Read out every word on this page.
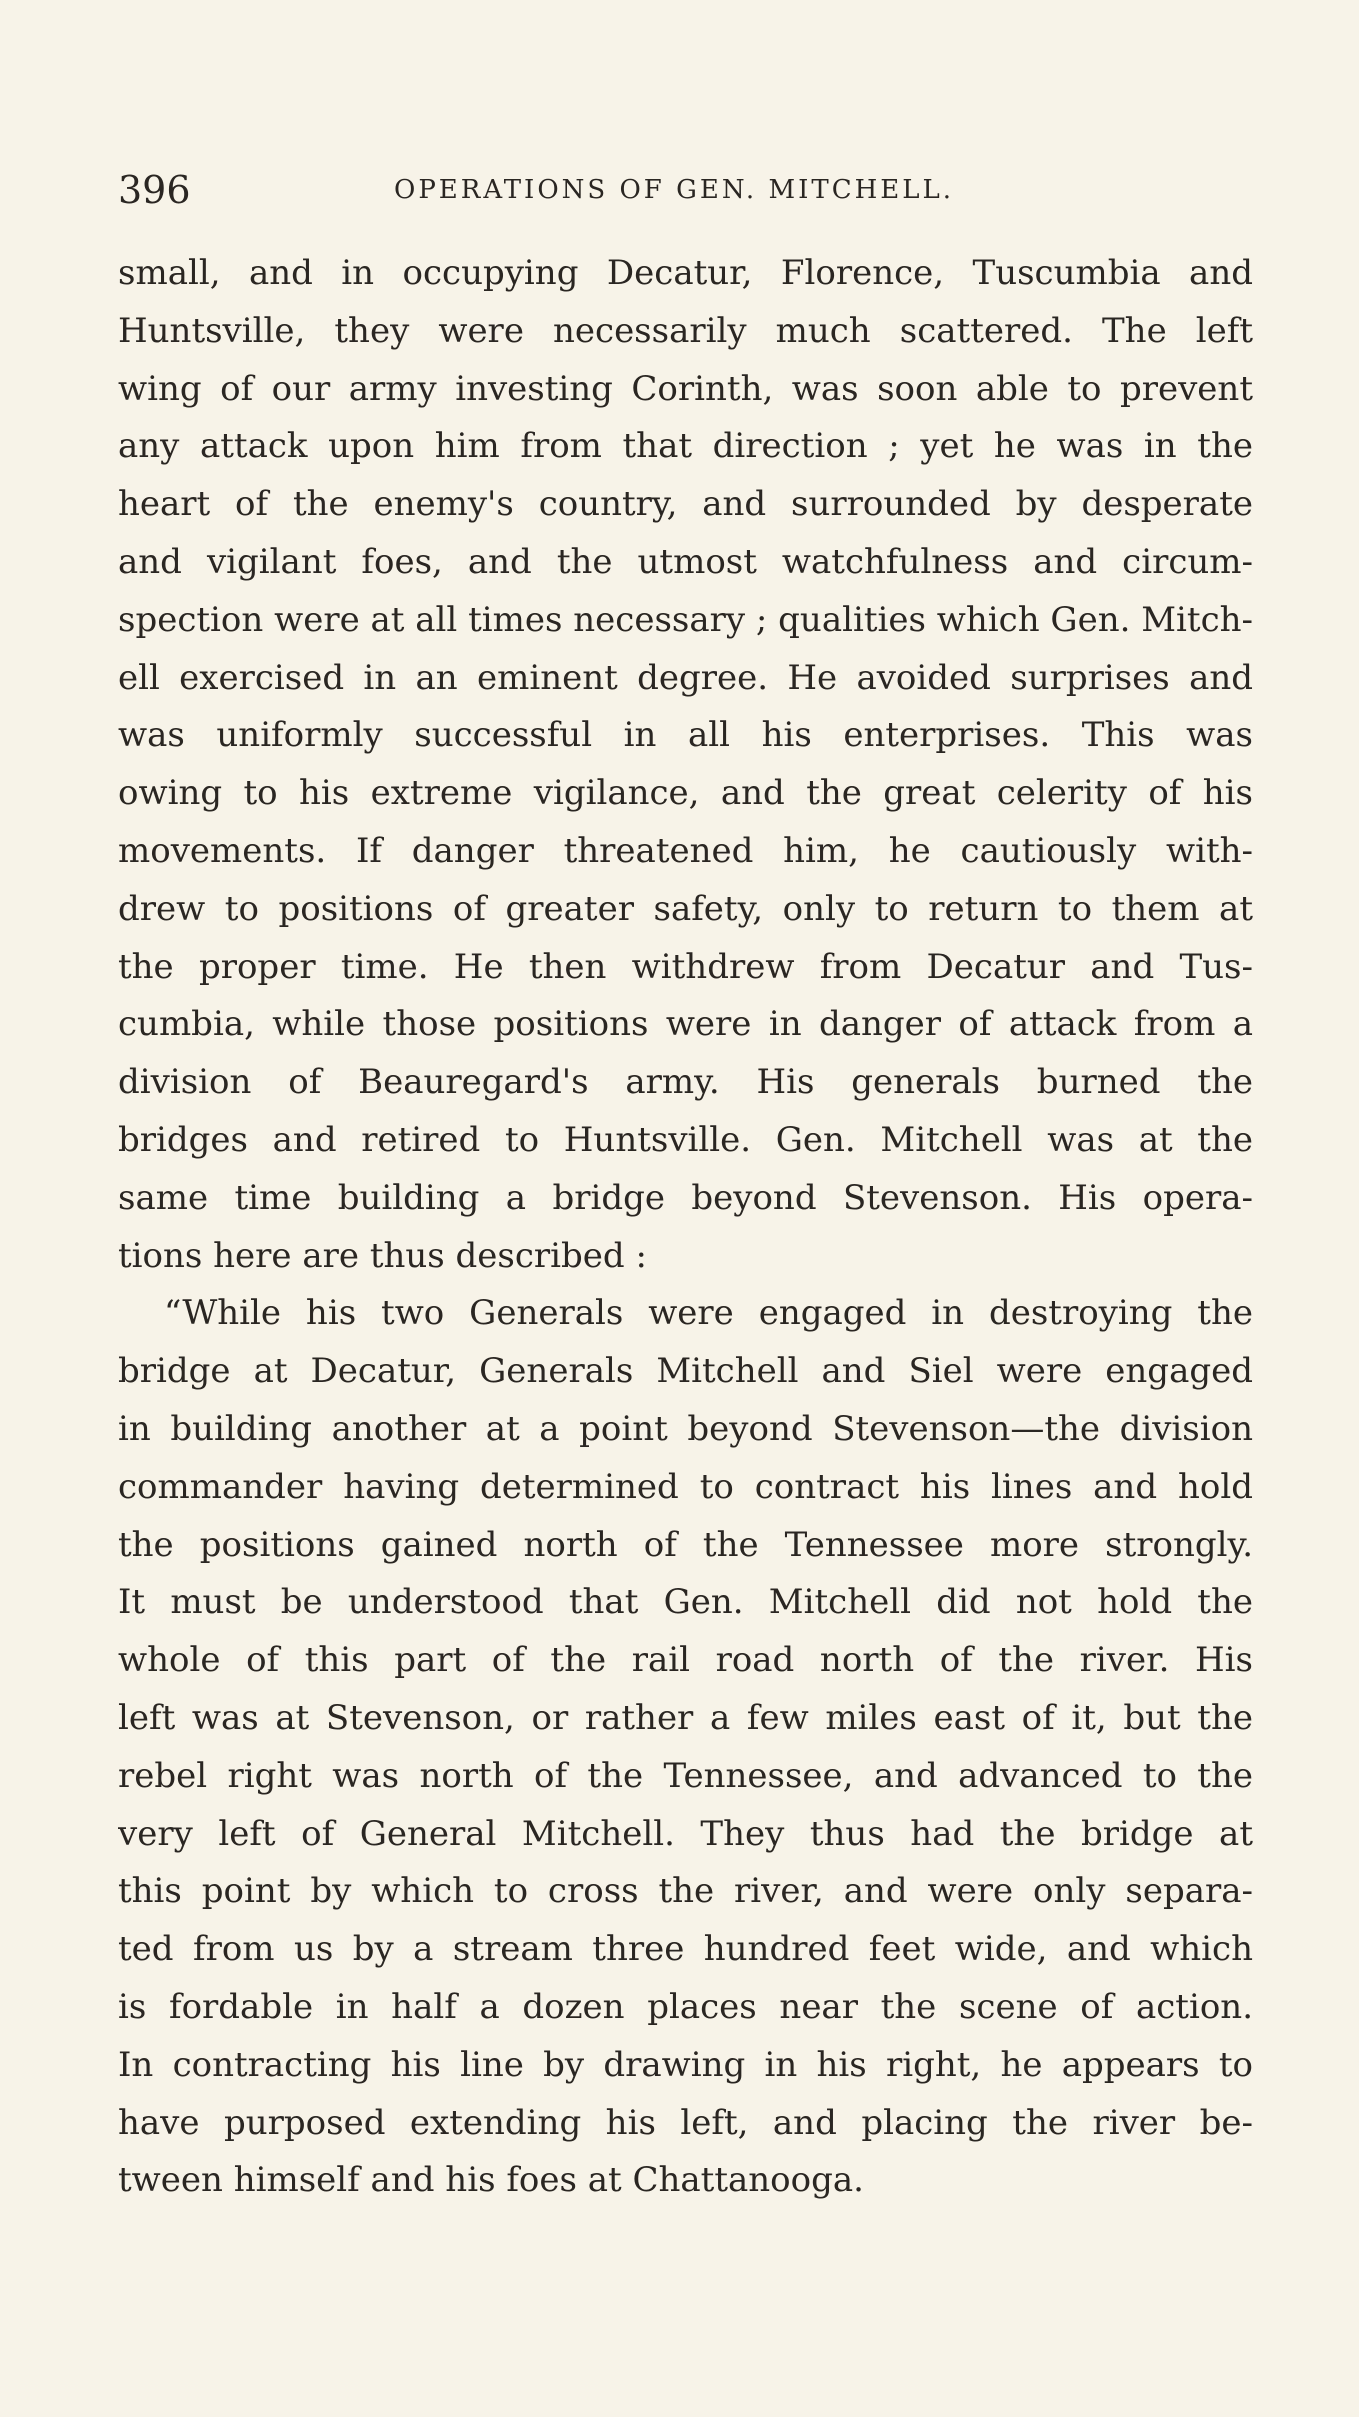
396	OPERATIONS OF GEN. MITCHELL.
small, and in occupying Decatur, Florence, Tuscumbia and
Huntsville, they were necessarily much scattered. The left
wing of our army investing Corinth, was soon able to prevent
any attack upon him from that direction ; yet he was in the
heart of the enemy's country, and surrounded by desperate
and vigilant foes, and the utmost watchfulness and circum-
spection were at all times necessary ; qualities which Gen. Mitch-
ell exercised in an eminent degree. He avoided surprises and
was uniformly successful in all his enterprises. This was
owing to his extreme vigilance, and the great celerity of his
movements. If danger threatened him, he cautiously with-
drew to positions of greater safety, only to return to them at
the proper time. He then withdrew from Decatur and Tus-
cumbia, while those positions were in danger of attack from a
division of Beauregard's army. His generals burned the
bridges and retired to Huntsville. Gen. Mitchell was at the
same time building a bridge beyond Stevenson. His opera-
tions here are thus described :
“While his two Generals were engaged in destroying the
bridge at Decatur, Generals Mitchell and Siel were engaged
in building another at a point beyond Stevenson—the division
commander having determined to contract his lines and hold
the positions gained north of the Tennessee more strongly.
It must be understood that Gen. Mitchell did not hold the
whole of this part of the rail road north of the river. His
left was at Stevenson, or rather a few miles east of it, but the
rebel right was north of the Tennessee, and advanced to the
very left of General Mitchell. They thus had the bridge at
this point by which to cross the river, and were only separa-
ted from us by a stream three hundred feet wide, and which
is fordable in half a dozen places near the scene of action.
In contracting his line by drawing in his right, he appears to
have purposed extending his left, and placing the river be-
tween himself and his foes at Chattanooga.
